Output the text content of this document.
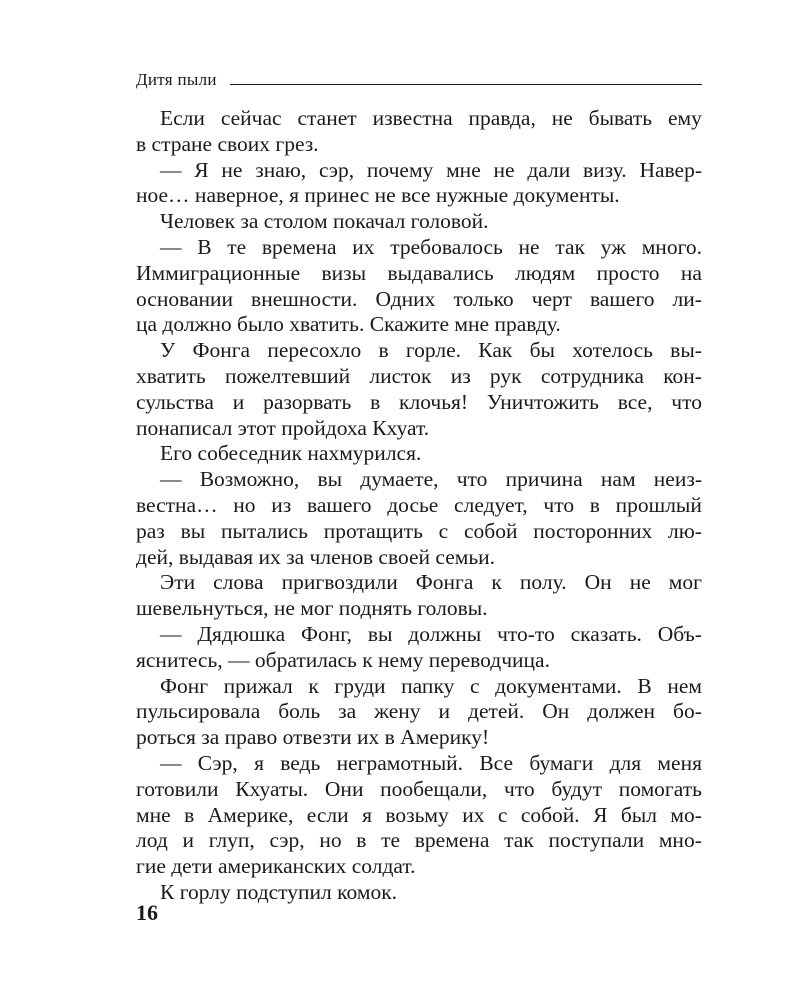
Дитя пыли
Если сейчас станет известна правда, не бывать ему
в стране своих грез.
— Я не знаю, сэр, почему мне не дали визу. Навер-
ное… наверное, я принес не все нужные документы.
Человек за столом покачал головой.
— В те времена их требовалось не так уж много.
Иммиграционные визы выдавались людям просто на
основании внешности. Одних только черт вашего ли-
ца должно было хватить. Скажите мне правду.
У Фонга пересохло в горле. Как бы хотелось вы-
хватить пожелтевший листок из рук сотрудника кон-
сульства и разорвать в клочья! Уничтожить все, что
понаписал этот пройдоха Кхуат.
Его собеседник нахмурился.
— Возможно, вы думаете, что причина нам неиз-
вестна… но из вашего досье следует, что в прошлый
раз вы пытались протащить с собой посторонних лю-
дей, выдавая их за членов своей семьи.
Эти слова пригвоздили Фонга к полу. Он не мог
шевельнуться, не мог поднять головы.
— Дядюшка Фонг, вы должны что-то сказать. Объ-
яснитесь, — обратилась к нему переводчица.
Фонг прижал к груди папку с документами. В нем
пульсировала боль за жену и детей. Он должен бо-
роться за право отвезти их в Америку!
— Сэр, я ведь неграмотный. Все бумаги для меня
готовили Кхуаты. Они пообещали, что будут помогать
мне в Америке, если я возьму их с собой. Я был мо-
лод и глуп, сэр, но в те времена так поступали мно-
гие дети американских солдат.
К горлу подступил комок.
16
